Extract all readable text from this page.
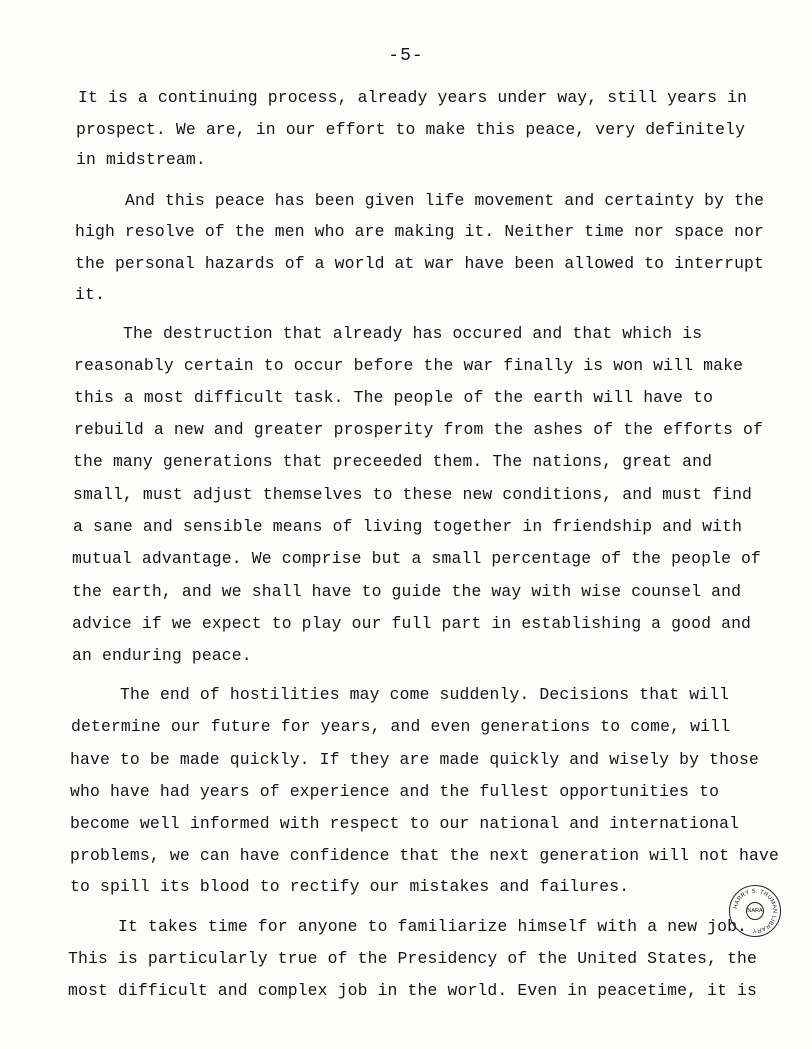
-5-
It is a continuing process, already years under way, still years in
prospect. We are, in our effort to make this peace, very definitely
in midstream.
And this peace has been given life movement and certainty by the
high resolve of the men who are making it. Neither time nor space nor
the personal hazards of a world at war have been allowed to interrupt
it.
The destruction that already has occured and that which is
reasonably certain to occur before the war finally is won will make
this a most difficult task. The people of the earth will have to
rebuild a new and greater prosperity from the ashes of the efforts of
the many generations that preceeded them. The nations, great and
small, must adjust themselves to these new conditions, and must find
a sane and sensible means of living together in friendship and with
mutual advantage. We comprise but a small percentage of the people of
the earth, and we shall have to guide the way with wise counsel and
advice if we expect to play our full part in establishing a good and
an enduring peace.
The end of hostilities may come suddenly. Decisions that will
determine our future for years, and even generations to come, will
have to be made quickly. If they are made quickly and wisely by those
who have had years of experience and the fullest opportunities to
become well informed with respect to our national and international
problems, we can have confidence that the next generation will not have
to spill its blood to rectify our mistakes and failures.
It takes time for anyone to familiarize himself with a new job.
This is particularly true of the Presidency of the United States, the
most difficult and complex job in the world. Even in peacetime, it is
HARRY S. TRUMAN LIBRARY
NARA
